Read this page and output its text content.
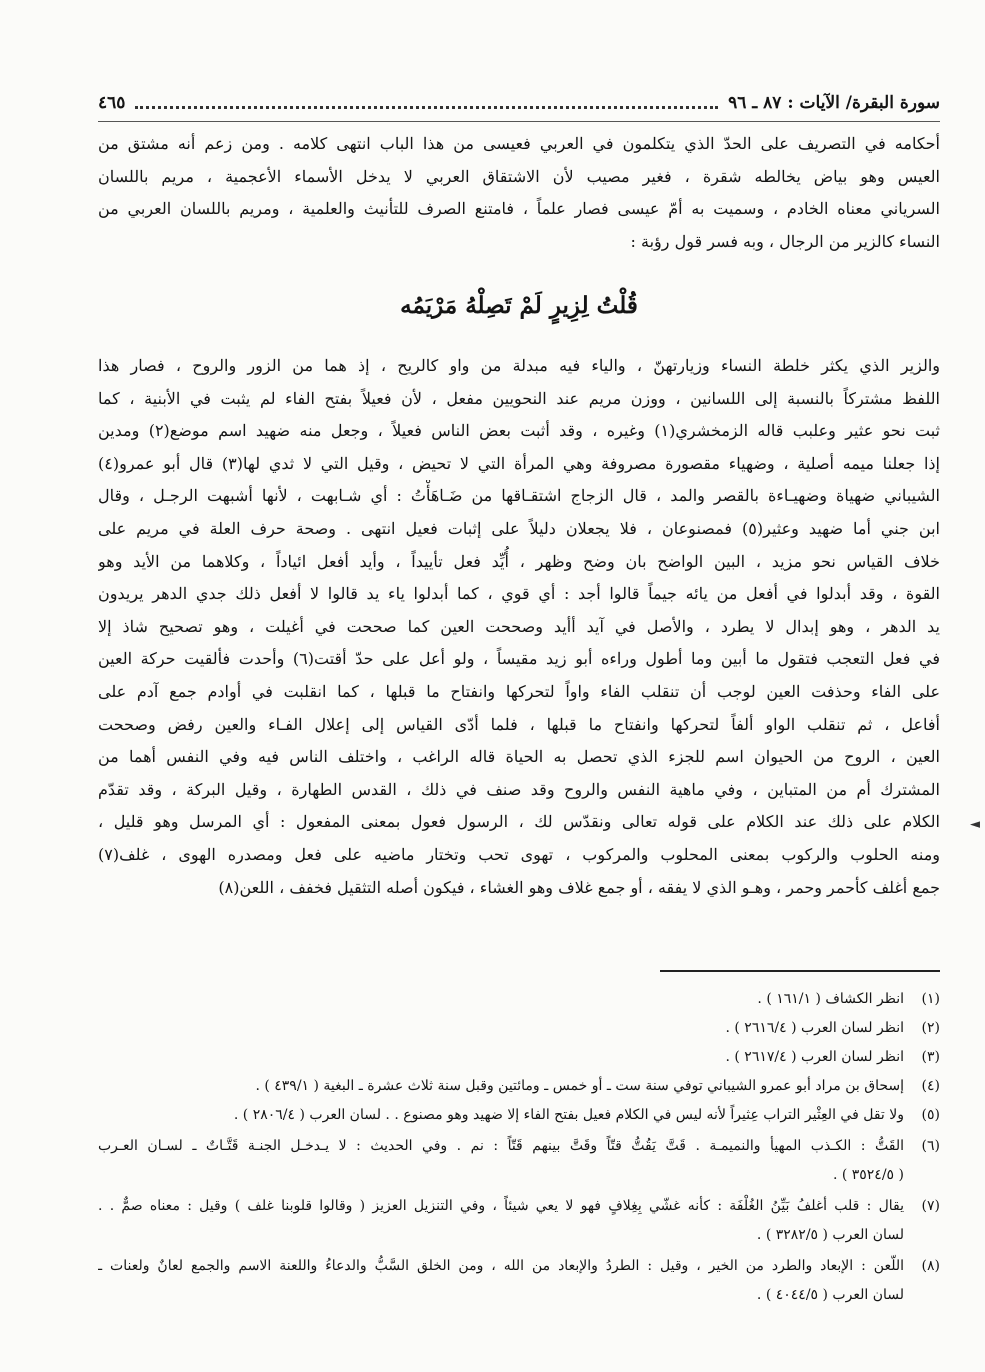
سورة البقرة/ الآيات : ٨٧ ـ ٩٦
٤٦٥
أحكامه في التصريف على الحدّ الذي يتكلمون في العربي فعيسى من هذا الباب انتهى كلامه . ومن زعم أنه مشتق من
العيس وهو بياض يخالطه شقرة ، فغير مصيب لأن الاشتقاق العربي لا يدخل الأسماء الأعجمية ، مريم باللسان
السرياني معناه الخادم ، وسميت به أمّ عيسى فصار علماً ، فامتنع الصرف للتأنيث والعلمية ، ومريم باللسان العربي من
النساء كالزير من الرجال ، وبه فسر قول رؤبة :
قُلْتُ لِزِيرٍ لَمْ تَصِلْهُ مَرْيَمُه
والزير الذي يكثر خلطة النساء وزيارتهنّ ، والياء فيه مبدلة من واو كالريح ، إذ هما من الزور والروح ، فصار هذا
اللفظ مشتركاً بالنسبة إلى اللسانين ، ووزن مريم عند النحويين مفعل ، لأن فعيلاً بفتح الفاء لم يثبت في الأبنية ، كما
ثبت نحو عثير وعلبب قاله الزمخشري(١) وغيره ، وقد أثبت بعض الناس فعيلاً ، وجعل منه ضهيد اسم موضع(٢) ومدين
إذا جعلنا ميمه أصلية ، وضهياء مقصورة مصروفة وهي المرأة التي لا تحيض ، وقيل التي لا ثدي لها(٣) قال أبو عمرو(٤)
الشيباني ضهياة وضهيـاءة بالقصر والمد ، قال الزجاج اشتقـاقها من ضَـاهَأْتُ : أي شـابهت ، لأنها أشبهت الرجـل ، وقال
ابن جني أما ضهيد وعثير(٥) فمصنوعان ، فلا يجعلان دليلاً على إثبات فعيل انتهى . وصحة حرف العلة في مريم على
خلاف القياس نحو مزيد ، البين الواضح بان وضح وظهر ، أُيِّد فعل تأييداً ، وأيد أفعل ائياداً ، وكلاهما من الأيد وهو
القوة ، وقد أبدلوا في أفعل من يائه جيماً قالوا أجد : أي قوي ، كما أبدلوا ياء يد قالوا لا أفعل ذلك جدي الدهر يريدون
يد الدهر ، وهو إبدال لا يطرد ، والأصل في آيد أأيد وصححت العين كما صححت في أغيلت ، وهو تصحيح شاذ إلا
في فعل التعجب فتقول ما أبين وما أطول وراءه أبو زيد مقيساً ، ولو أعل على حدّ أقتت(٦) وأحدت فألقيت حركة العين
على الفاء وحذفت العين لوجب أن تنقلب الفاء واواً لتحركها وانفتاح ما قبلها ، كما انقلبت في أوادم جمع آدم على
أفاعل ، ثم تنقلب الواو ألفاً لتحركها وانفتاح ما قبلها ، فلما أدّى القياس إلى إعلال الفـاء والعين رفض وصححت
العين ، الروح من الحيوان اسم للجزء الذي تحصل به الحياة قاله الراغب ، واختلف الناس فيه وفي النفس أهما من
المشترك أم من المتباين ، وفي ماهية النفس والروح وقد صنف في ذلك ، القدس الطهارة ، وقيل البركة ، وقد تقدّم
الكلام على ذلك عند الكلام على قوله تعالى ونقدّس لك ، الرسول فعول بمعنى المفعول : أي المرسل وهو قليل ،
ومنه الحلوب والركوب بمعنى المحلوب والمركوب ، تهوى تحب وتختار ماضيه على فعل ومصدره الهوى ، غلف(٧)
جمع أغلف كأحمر وحمر ، وهـو الذي لا يفقه ، أو جمع غلاف وهو الغشاء ، فيكون أصله التثقيل فخفف ، اللعن(٨)
◄
(١)
انظر الكشاف ( ١٦١/١ ) .
(٢)
انظر لسان العرب ( ٢٦١٦/٤ ) .
(٣)
انظر لسان العرب ( ٢٦١٧/٤ ) .
(٤)
إسحاق بن مراد أبو عمرو الشيباني توفي سنة ست ـ أو خمس ـ ومائتين وقبل سنة ثلاث عشرة ـ البغية ( ٤٣٩/١ ) .
(٥)
ولا تقل في العِثْير التراب عِثيراً لأنه ليس في الكلام فعيل بفتح الفاء إلا ضهيد وهو مصنوع . . لسان العرب ( ٢٨٠٦/٤ ) .
(٦)
القَتُّ : الكـذب المهيأ والنميمـة . قَتَّ يَقُتُّ قتّاً وقَتَّ بينهم قَتّاً : نم . وفي الحديث : لا يـدخـل الجنـة قَتَّـاتٌ ـ لسـان العـرب
( ٣٥٢٤/٥ ) .
(٧)
يقال : قلب أغلفُ بَيِّنُ الغُلْفَة : كأنه غشّي بِغِلافٍ فهو لا يعي شيئاً ، وفي التنزيل العزيز ( وقالوا قلوبنا غلف ) وقيل : معناه صمٌّ . .
لسان العرب ( ٣٢٨٢/٥ ) .
(٨)
اللّعن : الإبعاد والطرد من الخير ، وقيل : الطردُ والإبعاد من الله ، ومن الخلق السَّبُّ والدعاءُ واللعنة الاسم والجمع لعانٌ ولعنات ـ
لسان العرب ( ٤٠٤٤/٥ ) .
